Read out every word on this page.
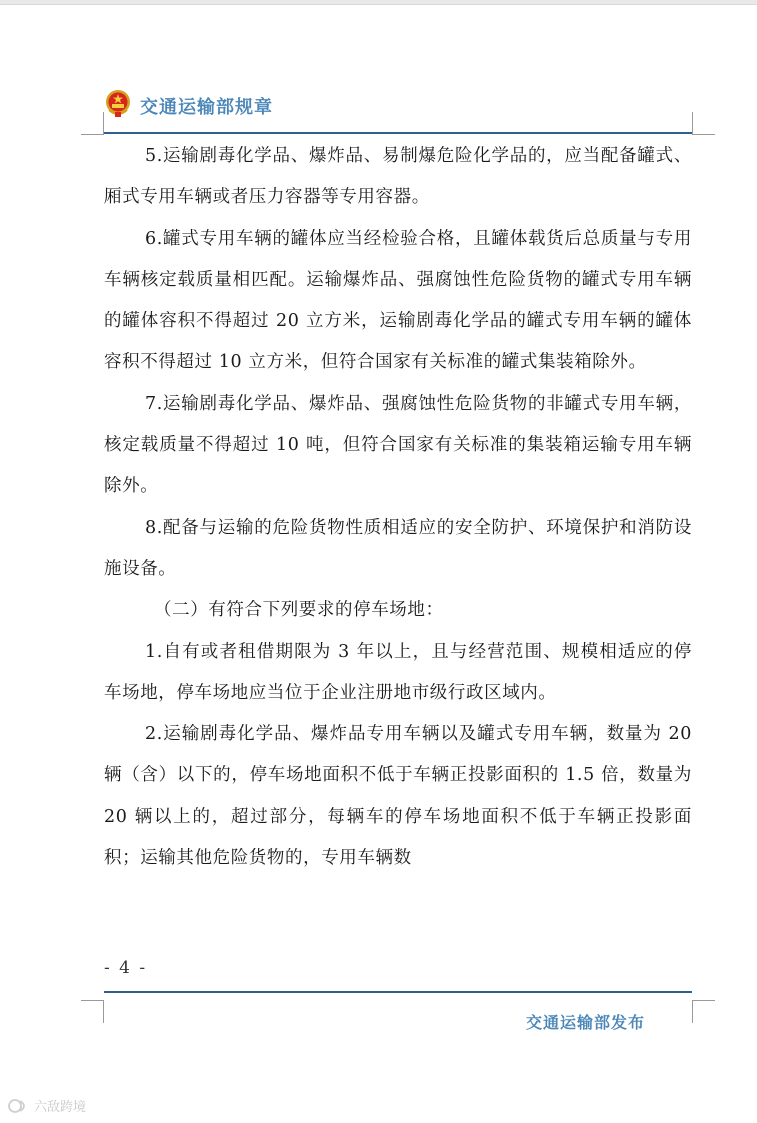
交通运输部规章

5.运输剧毒化学品、爆炸品、易制爆危险化学品的，应当配备罐式、厢式专用车辆或者压力容器等专用容器。

6.罐式专用车辆的罐体应当经检验合格，且罐体载货后总质量与专用车辆核定载质量相匹配。运输爆炸品、强腐蚀性危险货物的罐式专用车辆的罐体容积不得超过 20 立方米，运输剧毒化学品的罐式专用车辆的罐体容积不得超过 10 立方米，但符合国家有关标准的罐式集装箱除外。

7.运输剧毒化学品、爆炸品、强腐蚀性危险货物的非罐式专用车辆，核定载质量不得超过 10 吨，但符合国家有关标准的集装箱运输专用车辆除外。

8.配备与运输的危险货物性质相适应的安全防护、环境保护和消防设施设备。

（二）有符合下列要求的停车场地：

1.自有或者租借期限为 3 年以上，且与经营范围、规模相适应的停车场地，停车场地应当位于企业注册地市级行政区域内。

2.运输剧毒化学品、爆炸品专用车辆以及罐式专用车辆，数量为 20 辆（含）以下的，停车场地面积不低于车辆正投影面积的 1.5 倍，数量为 20 辆以上的，超过部分，每辆车的停车场地面积不低于车辆正投影面积；运输其他危险货物的，专用车辆数

- 4 -
交通运输部发布
六敌跨境
